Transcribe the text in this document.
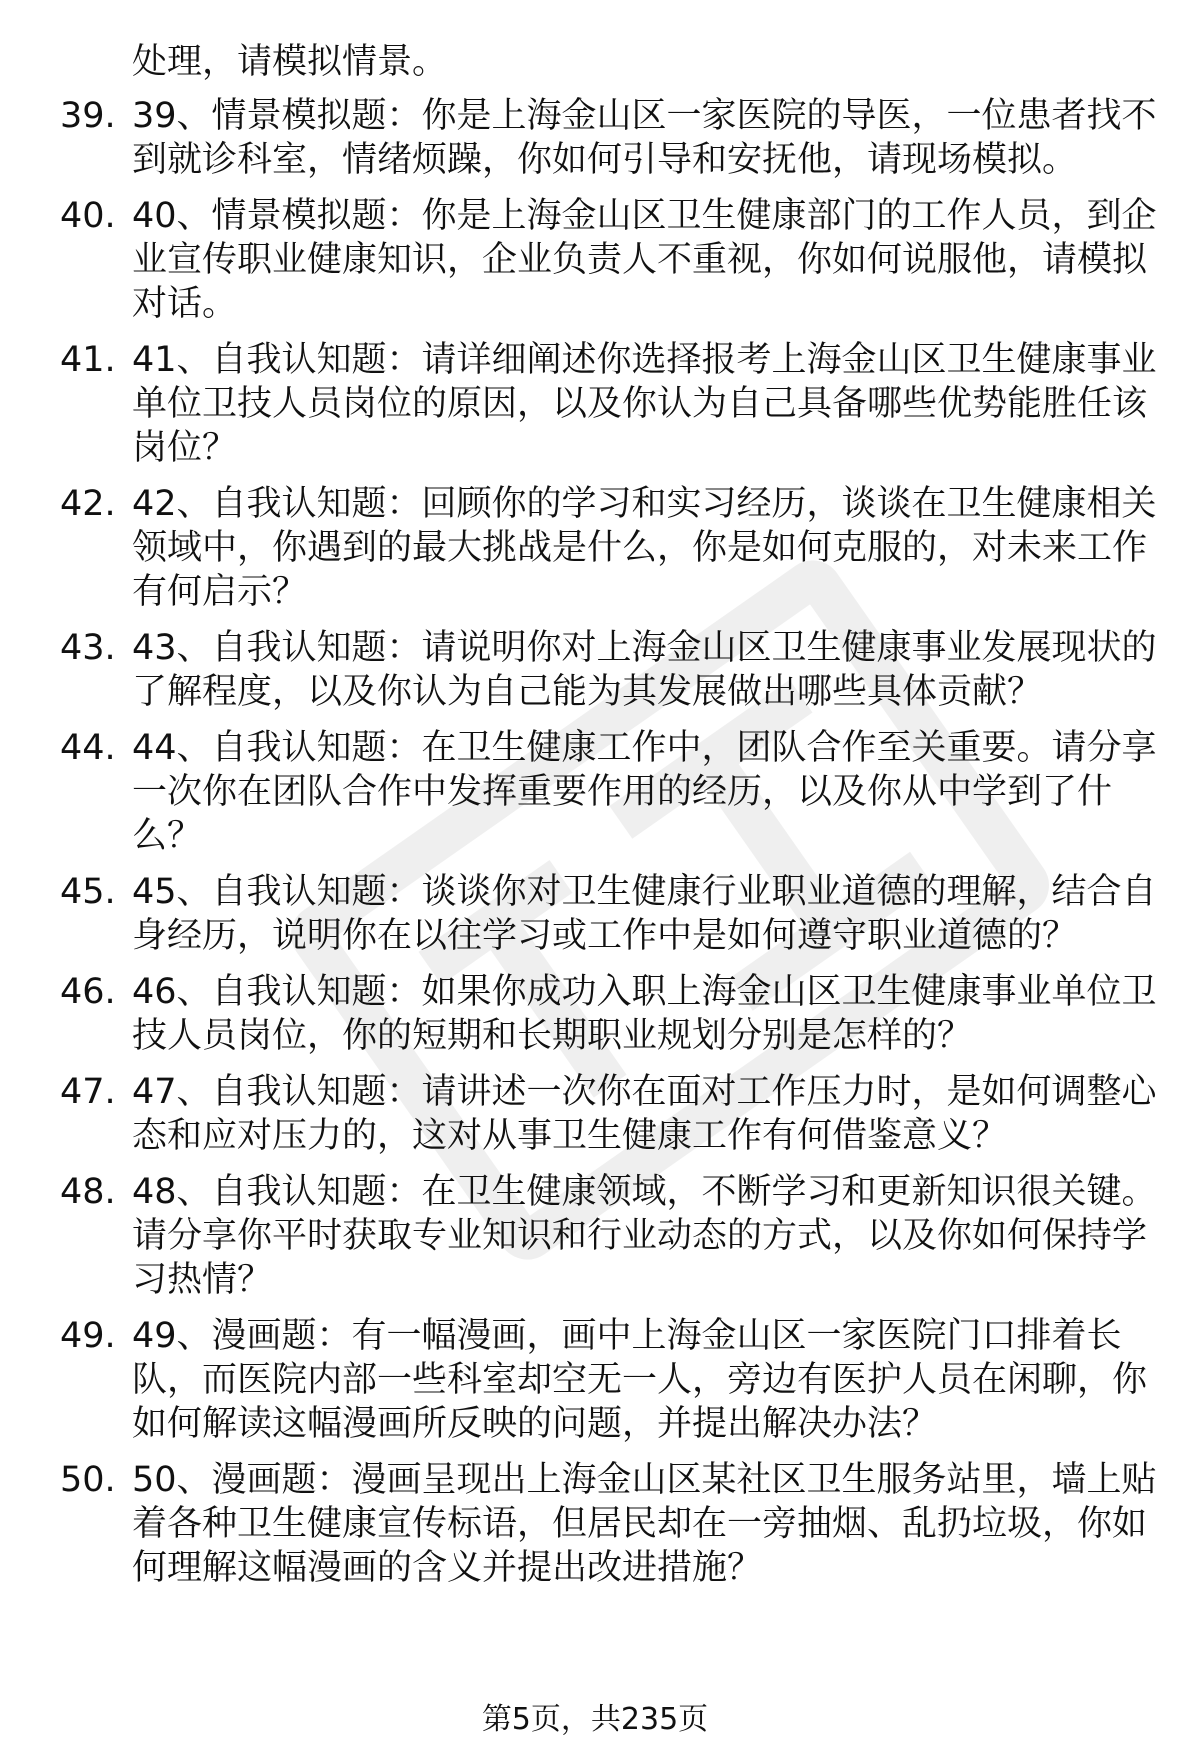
处理，请模拟情景。
39. 39、情景模拟题：你是上海金山区一家医院的导医，一位患者找不到就诊科室，情绪烦躁，你如何引导和安抚他，请现场模拟。
40. 40、情景模拟题：你是上海金山区卫生健康部门的工作人员，到企业宣传职业健康知识，企业负责人不重视，你如何说服他，请模拟对话。
41. 41、自我认知题：请详细阐述你选择报考上海金山区卫生健康事业单位卫技人员岗位的原因，以及你认为自己具备哪些优势能胜任该岗位？
42. 42、自我认知题：回顾你的学习和实习经历，谈谈在卫生健康相关领域中，你遇到的最大挑战是什么，你是如何克服的，对未来工作有何启示？
43. 43、自我认知题：请说明你对上海金山区卫生健康事业发展现状的了解程度，以及你认为自己能为其发展做出哪些具体贡献？
44. 44、自我认知题：在卫生健康工作中，团队合作至关重要。请分享一次你在团队合作中发挥重要作用的经历，以及你从中学到了什么？
45. 45、自我认知题：谈谈你对卫生健康行业职业道德的理解，结合自身经历，说明你在以往学习或工作中是如何遵守职业道德的？
46. 46、自我认知题：如果你成功入职上海金山区卫生健康事业单位卫技人员岗位，你的短期和长期职业规划分别是怎样的？
47. 47、自我认知题：请讲述一次你在面对工作压力时，是如何调整心态和应对压力的，这对从事卫生健康工作有何借鉴意义？
48. 48、自我认知题：在卫生健康领域，不断学习和更新知识很关键。请分享你平时获取专业知识和行业动态的方式，以及你如何保持学习热情？
49. 49、漫画题：有一幅漫画，画中上海金山区一家医院门口排着长队，而医院内部一些科室却空无一人，旁边有医护人员在闲聊，你如何解读这幅漫画所反映的问题，并提出解决办法？
50. 50、漫画题：漫画呈现出上海金山区某社区卫生服务站里，墙上贴着各种卫生健康宣传标语，但居民却在一旁抽烟、乱扔垃圾，你如何理解这幅漫画的含义并提出改进措施？
第5页，共235页
